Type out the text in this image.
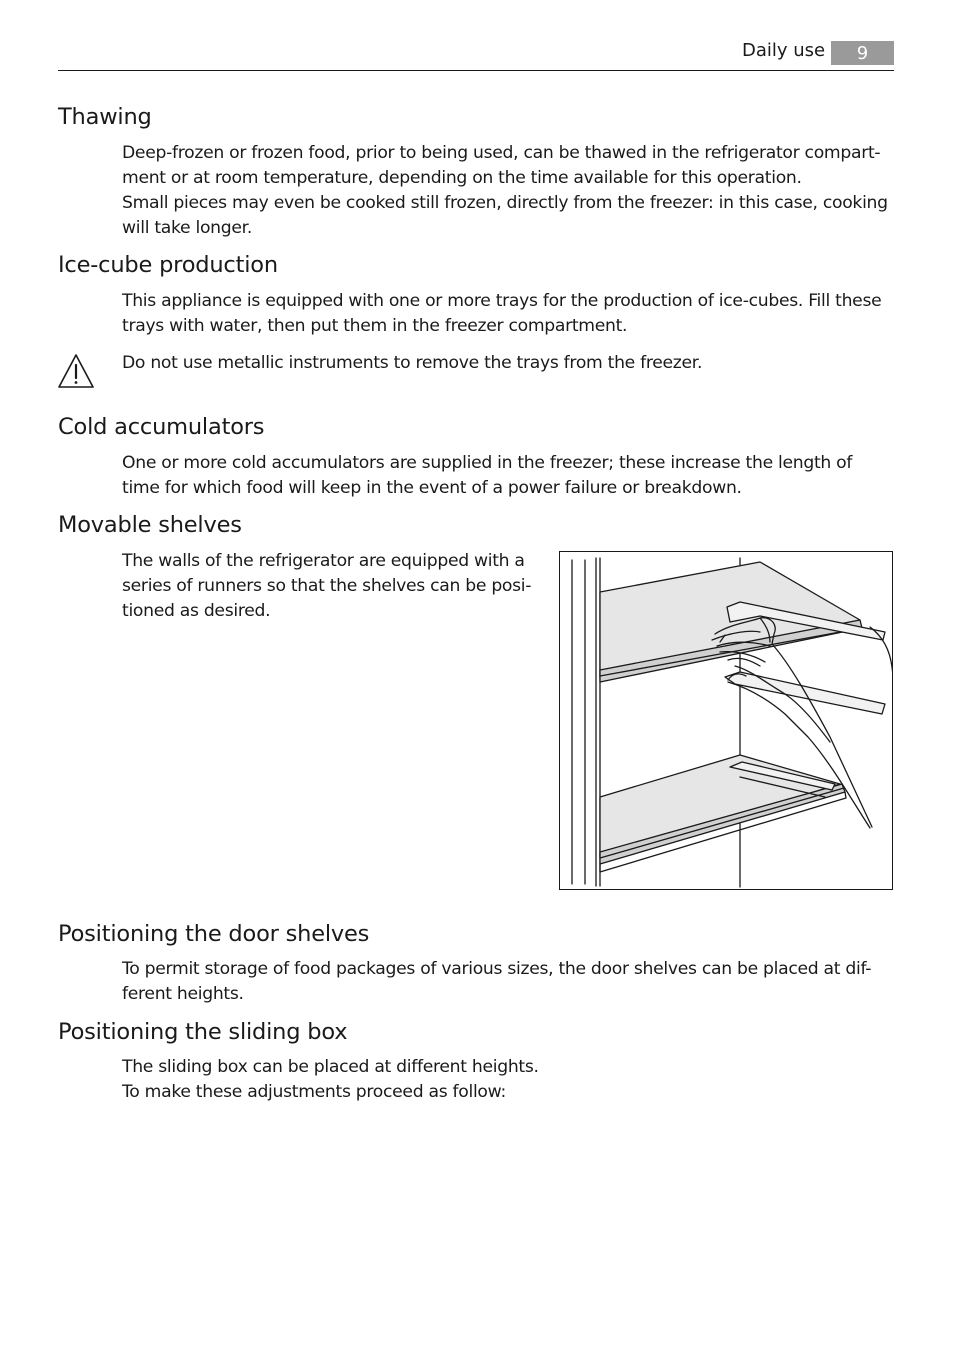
Daily use	9
Thawing
Deep-frozen or frozen food, prior to being used, can be thawed in the refrigerator compart-
ment or at room temperature, depending on the time available for this operation.
Small pieces may even be cooked still frozen, directly from the freezer: in this case, cooking
will take longer.
Ice-cube production
This appliance is equipped with one or more trays for the production of ice-cubes. Fill these
trays with water, then put them in the freezer compartment.
Do not use metallic instruments to remove the trays from the freezer.
Cold accumulators
One or more cold accumulators are supplied in the freezer; these increase the length of
time for which food will keep in the event of a power failure or breakdown.
Movable shelves
The walls of the refrigerator are equipped with a
series of runners so that the shelves can be posi-
tioned as desired.
Positioning the door shelves
To permit storage of food packages of various sizes, the door shelves can be placed at dif-
ferent heights.
Positioning the sliding box
The sliding box can be placed at different heights.
To make these adjustments proceed as follow:
